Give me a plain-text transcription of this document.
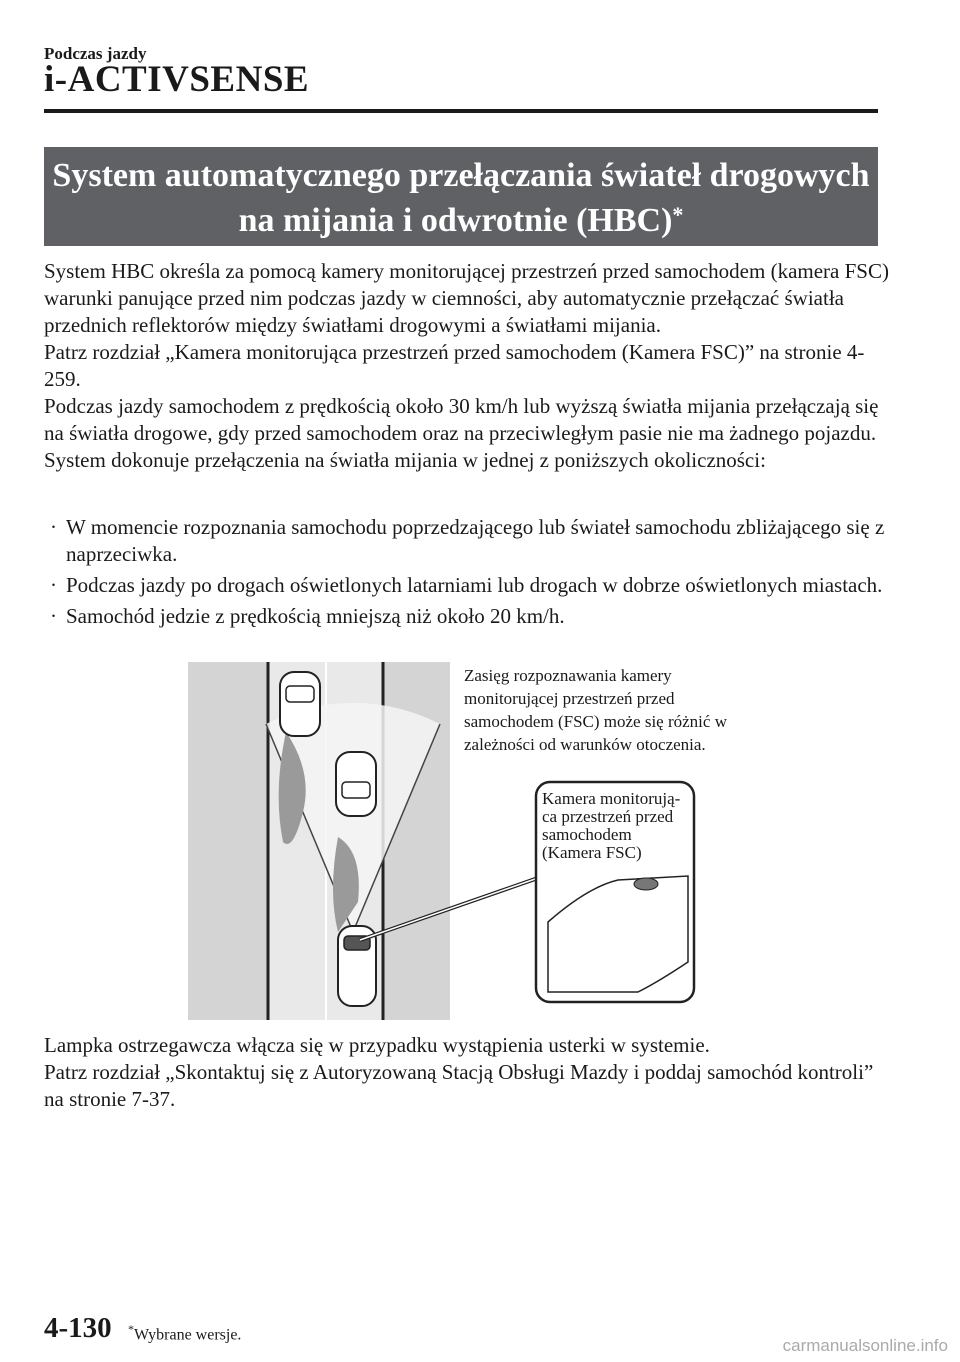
Podczas jazdy
i-ACTIVSENSE
System automatycznego przełączania świateł drogowych
na mijania i odwrotnie (HBC)*

System HBC określa za pomocą kamery monitorującej przestrzeń przed samochodem (kamera FSC) warunki panujące przed nim podczas jazdy w ciemności, aby automatycznie przełączać światła przednich reflektorów między światłami drogowymi a światłami mijania.

Patrz rozdział „Kamera monitorująca przestrzeń przed samochodem (Kamera FSC)” na stronie 4-259.

Podczas jazdy samochodem z prędkością około 30 km/h lub wyższą światła mijania przełączają się na światła drogowe, gdy przed samochodem oraz na przeciwległym pasie nie ma żadnego pojazdu.

System dokonuje przełączenia na światła mijania w jednej z poniższych okoliczności:

· W momencie rozpoznania samochodu poprzedzającego lub świateł samochodu zbliżającego się z naprzeciwka.
· Podczas jazdy po drogach oświetlonych latarniami lub drogach w dobrze oświetlonych miastach.
· Samochód jedzie z prędkością mniejszą niż około 20 km/h.
Zasięg rozpoznawania kamery monitorującej przestrzeń przed samochodem (FSC) może się różnić w zależności od warunków otoczenia.
Kamera monitorują-
ca przestrzeń przed
samochodem
(Kamera FSC)

Lampka ostrzegawcza włącza się w przypadku wystąpienia usterki w systemie.

Patrz rozdział „Skontaktuj się z Autoryzowaną Stacją Obsługi Mazdy i poddaj samochód kontroli” na stronie 7-37.

4-130 *Wybrane wersje.
carmanualsonline.info
